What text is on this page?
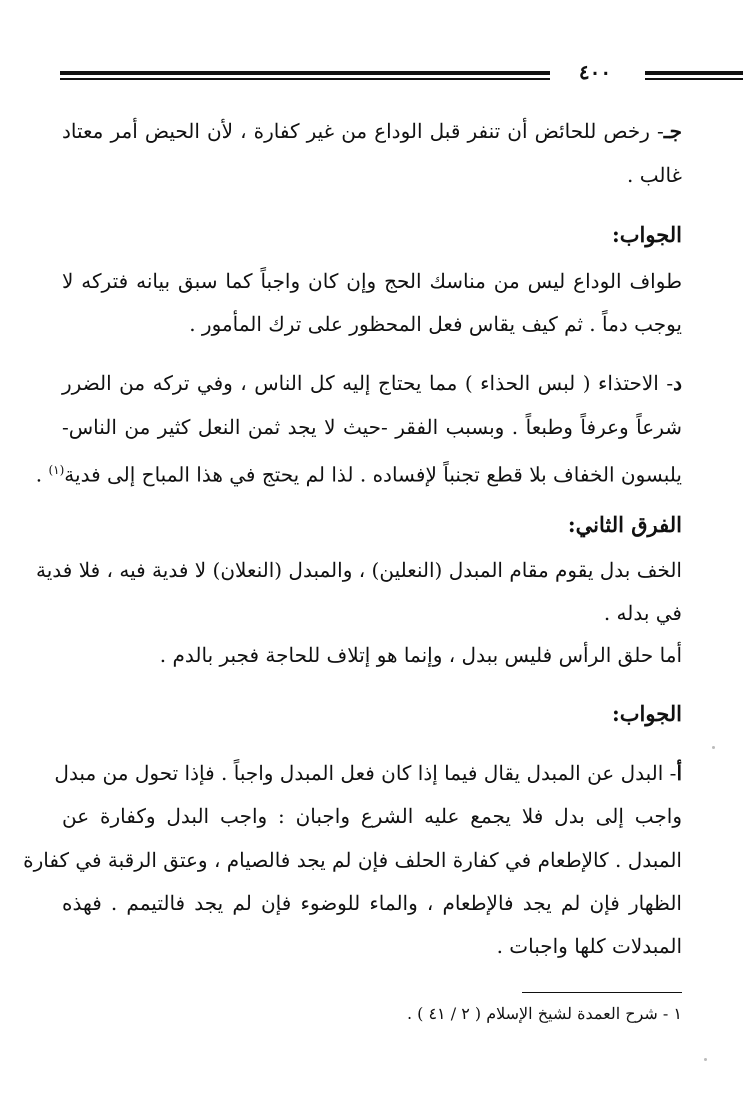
٤٠٠
جـ- رخص للحائض أن تنفر قبل الوداع من غير كفارة ، لأن الحيض أمر معتاد
غالب .
الجواب:
طواف الوداع ليس من مناسك الحج وإن كان واجباً كما سبق بيانه فتركه لا
يوجب دماً . ثم كيف يقاس فعل المحظور على ترك المأمور .
د- الاحتذاء ( لبس الحذاء ) مما يحتاج إليه كل الناس ، وفي تركه من الضرر
شرعاً وعرفاً وطبعاً . وبسبب الفقر -حيث لا يجد ثمن النعل كثير من الناس-
يلبسون الخفاف بلا قطع تجنباً لإفساده . لذا لم يحتج في هذا المباح إلى فدية$^{(١)}$ .
الفرق الثاني:
الخف بدل يقوم مقام المبدل (النعلين) ، والمبدل (النعلان) لا فدية فيه ، فلا فدية
في بدله .
أما حلق الرأس فليس ببدل ، وإنما هو إتلاف للحاجة فجبر بالدم .
الجواب:
أ- البدل عن المبدل يقال فيما إذا كان فعل المبدل واجباً . فإذا تحول من مبدل
واجب إلى بدل فلا يجمع عليه الشرع واجبان : واجب البدل وكفارة عن
المبدل . كالإطعام في كفارة الحلف فإن لم يجد فالصيام ، وعتق الرقبة في كفارة
الظهار فإن لم يجد فالإطعام ، والماء للوضوء فإن لم يجد فالتيمم . فهذه
المبدلات كلها واجبات .
١ - شرح العمدة لشيخ الإسلام ( ٢ / ٤١ ) .
